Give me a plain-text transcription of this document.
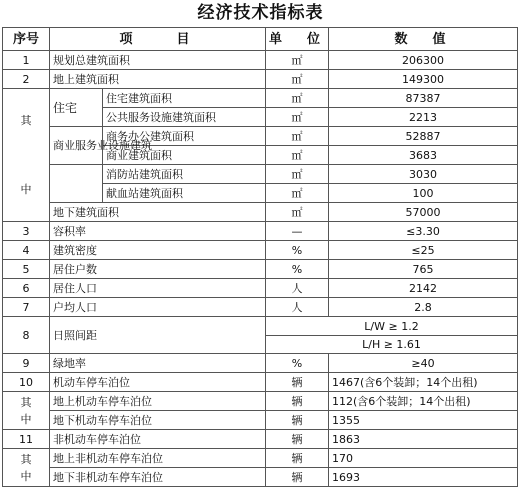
经济技术指标表
序号	项　　目		单　位	数　值
1	规划总建筑面积		㎡	206300
2	地上建筑面积		㎡	149300

其
中	住宅	住宅建筑面积	㎡	87387
		公共服务设施建筑面积	㎡	2213
	商业服务业设施建筑	商务办公建筑面积	㎡	52887
		商业建筑面积	㎡	3683
		消防站建筑面积	㎡	3030
		献血站建筑面积	㎡	100
	地下建筑面积		㎡	57000
3	容积率		—	≤3.30
4	建筑密度		%	≤25
5	居住户数		%	765
6	居住人口		人	2142
7	户均人口		人	2.8
8	日照间距		L/W ≥ 1.2
L/H ≥ 1.61	

9	绿地率		%	≥40
10	机动车停车泊位		辆	1467(含6个装卸；14个出租)

其
中	地上机动车停车泊位		辆	112(含6个装卸；14个出租)
	地下机动车停车泊位		辆	1355
11	非机动车停车泊位		辆	1863

其
中	地上非机动车停车泊位		辆	170
	地下非机动车停车泊位		辆	1693
